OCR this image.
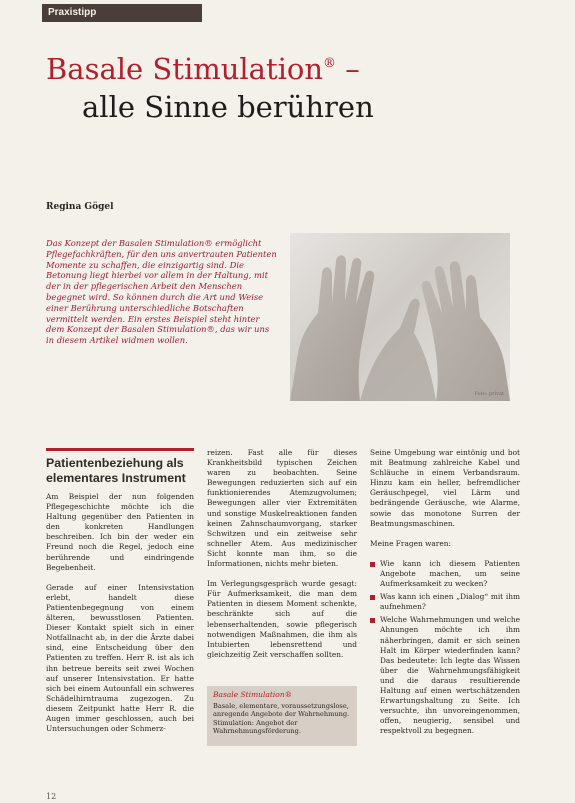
Praxistipp
Basale Stimulation® –
alle Sinne berühren
Regina Gögel
Das Konzept der Basalen Stimulation® ermöglicht Pflegefachkräften, für den uns anvertrauten Patienten Momente zu schaffen, die einzigartig sind. Die Betonung liegt hierbei vor allem in der Haltung, mit der in der pflegerischen Arbeit den Menschen begegnet wird. So können durch die Art und Weise einer Berührung unterschiedliche Botschaften vermittelt werden. Ein erstes Beispiel steht hinter dem Konzept der Basalen Stimulation®, das wir uns in diesem Artikel widmen wollen.
Foto: privat
Patientenbeziehung als elementares Instrument

Am Beispiel der nun folgenden Pflegegeschichte möchte ich die Haltung gegenüber den Patienten in den konkreten Handlungen beschreiben. Ich bin der weder ein Freund noch die Regel, jedoch eine berührende und eindringende Begebenheit.

Gerade auf einer Intensivstation erlebt, handelt diese Patientenbegegnung von einem älteren, bewusstlosen Patienten. Dieser Kontakt spielt sich in einer Notfallnacht ab, in der die Ärzte dabei sind, eine Entscheidung über den Patienten zu treffen. Herr R. ist als ich ihn betreue bereits seit zwei Wochen auf unserer Intensivstation. Er hatte sich bei einem Autounfall ein schweres Schädelhirntrauma zugezogen. Zu diesem Zeitpunkt hatte Herr R. die Augen immer geschlossen, auch bei Untersuchungen oder Schmerz-

reizen. Fast alle für dieses Krankheitsbild typischen Zeichen waren zu beobachten. Seine Bewegungen reduzierten sich auf ein funktionierendes Atemzugvolumen; Bewegungen aller vier Extremitäten und sonstige Muskelreaktionen fanden keinen Zahnschaumvorgang, starker Schwitzen und ein zeitweise sehr schneller Atem. Aus medizinischer Sicht konnte man ihm, so die Informationen, nichts mehr bieten.

Im Verlegungsgespräch wurde gesagt: Für Aufmerksamkeit, die man dem Patienten in diesem Moment schenkte, beschränkte sich auf die lebenserhaltenden, sowie pflegerisch notwendigen Maßnahmen, die ihm als Intubierten lebensrettend und gleichzeitig Zeit verschaffen sollten.

Seine Umgebung war eintönig und bot mit Beatmung zahlreiche Kabel und Schläuche in einem Verbandsraum. Hinzu kam ein heller, befremdlicher Geräuschpegel, viel Lärm und bedrängende Geräusche, wie Alarme, sowie das monotone Surren der Beatmungsmaschinen.

Meine Fragen waren:

Wie kann ich diesem Patienten Angebote machen, um seine Aufmerksamkeit zu wecken?
Was kann ich einen „Dialog“ mit ihm aufnehmen?
Welche Wahrnehmungen und welche Ahnungen möchte ich ihm näherbringen, damit er sich seinen Halt im Körper wiederfinden kann? Das bedeutete: Ich legte das Wissen über die Wahrnehmungsfähigkeit und die daraus resultierende Haltung auf einen wertschätzenden Erwartungshaltung zu Seite. Ich versuchte, ihn unvoreingenommen, offen, neugierig, sensibel und respektvoll zu begegnen.
Basale Stimulation®
Basale, elementare, voraussetzungslose, anregende Angebote der Wahrnehmung. Stimulation: Angebot der Wahrnehmungsförderung.
12
